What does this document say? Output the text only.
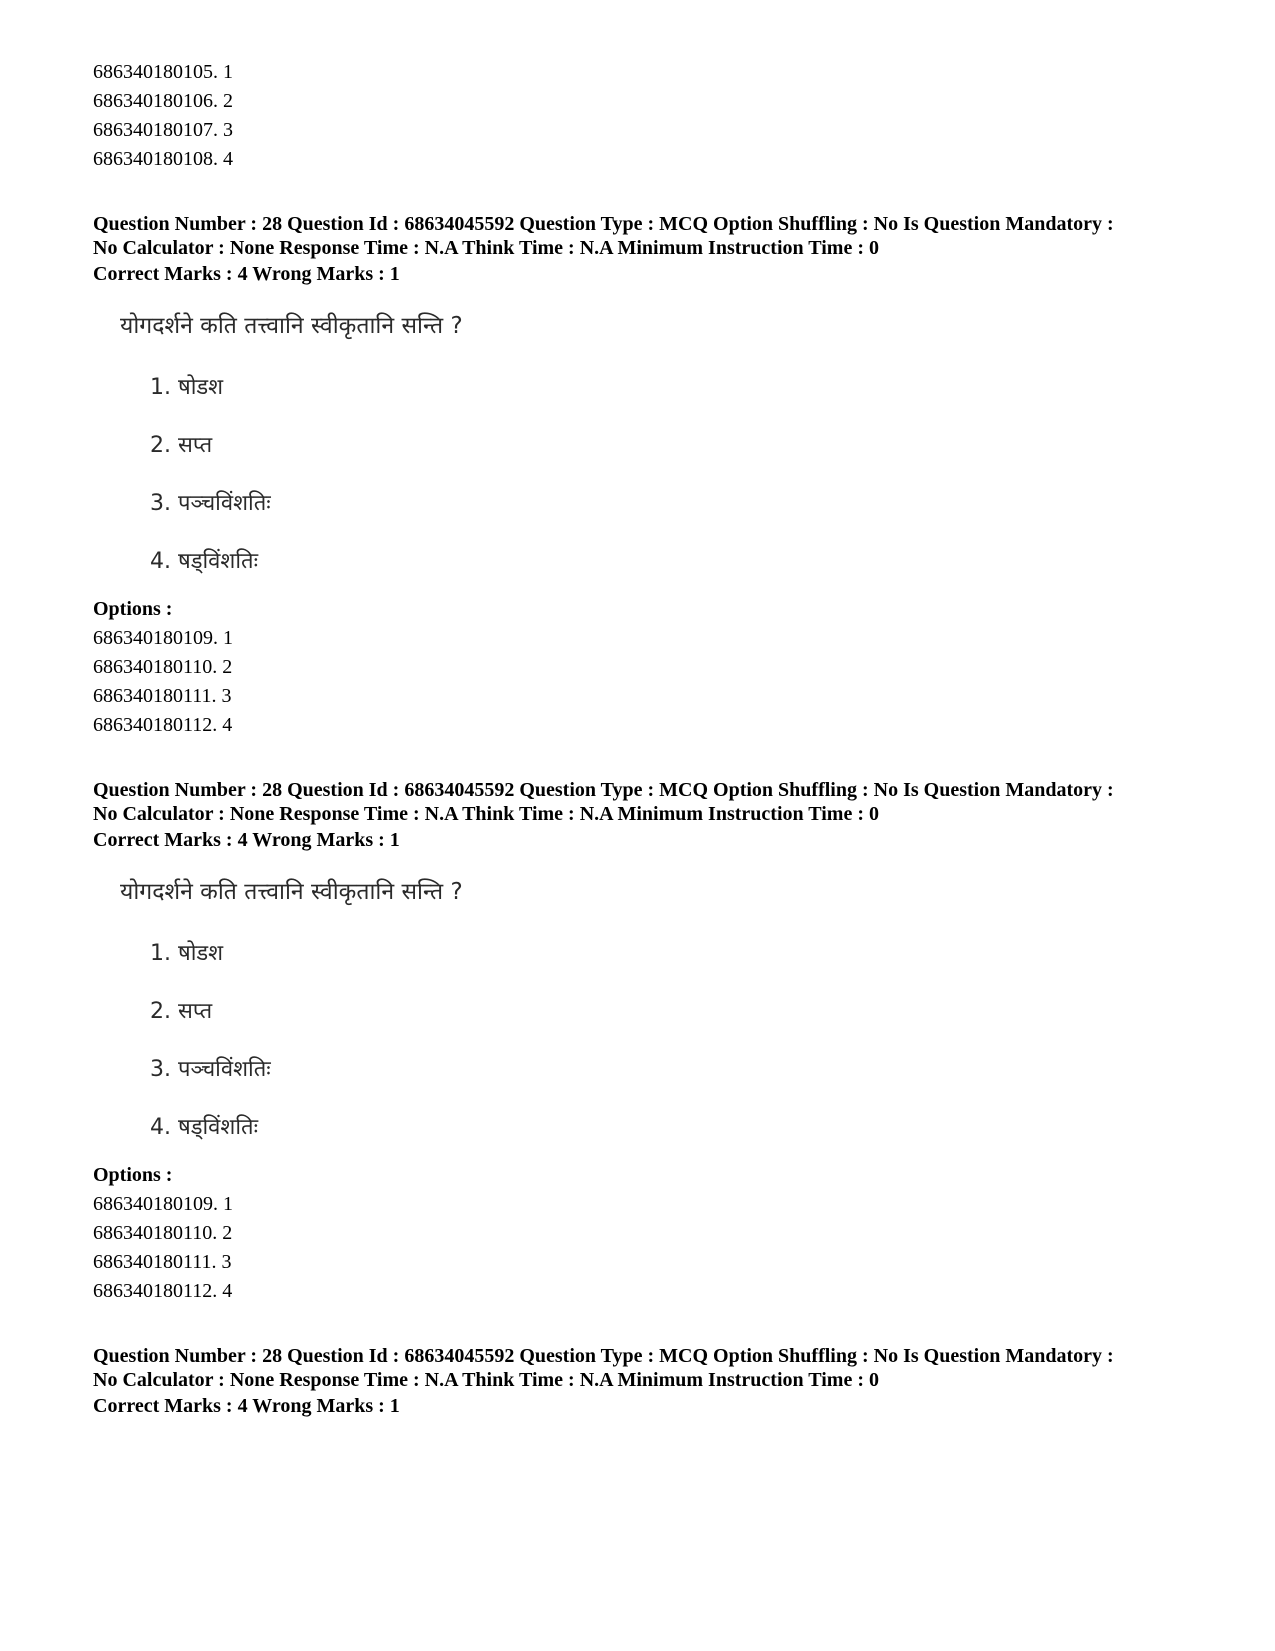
686340180105. 1
686340180106. 2
686340180107. 3
686340180108. 4
Question Number : 28 Question Id : 68634045592 Question Type : MCQ Option Shuffling : No Is Question Mandatory :
No Calculator : None Response Time : N.A Think Time : N.A Minimum Instruction Time : 0
Correct Marks : 4 Wrong Marks : 1
योगदर्शने कति तत्त्वानि स्वीकृतानि सन्ति ?
1. षोडश
2. सप्त
3. पञ्चविंशतिः
4. षड्विंशतिः
Options :
686340180109. 1
686340180110. 2
686340180111. 3
686340180112. 4
Question Number : 28 Question Id : 68634045592 Question Type : MCQ Option Shuffling : No Is Question Mandatory :
No Calculator : None Response Time : N.A Think Time : N.A Minimum Instruction Time : 0
Correct Marks : 4 Wrong Marks : 1
योगदर्शने कति तत्त्वानि स्वीकृतानि सन्ति ?
1. षोडश
2. सप्त
3. पञ्चविंशतिः
4. षड्विंशतिः
Options :
686340180109. 1
686340180110. 2
686340180111. 3
686340180112. 4
Question Number : 28 Question Id : 68634045592 Question Type : MCQ Option Shuffling : No Is Question Mandatory :
No Calculator : None Response Time : N.A Think Time : N.A Minimum Instruction Time : 0
Correct Marks : 4 Wrong Marks : 1
